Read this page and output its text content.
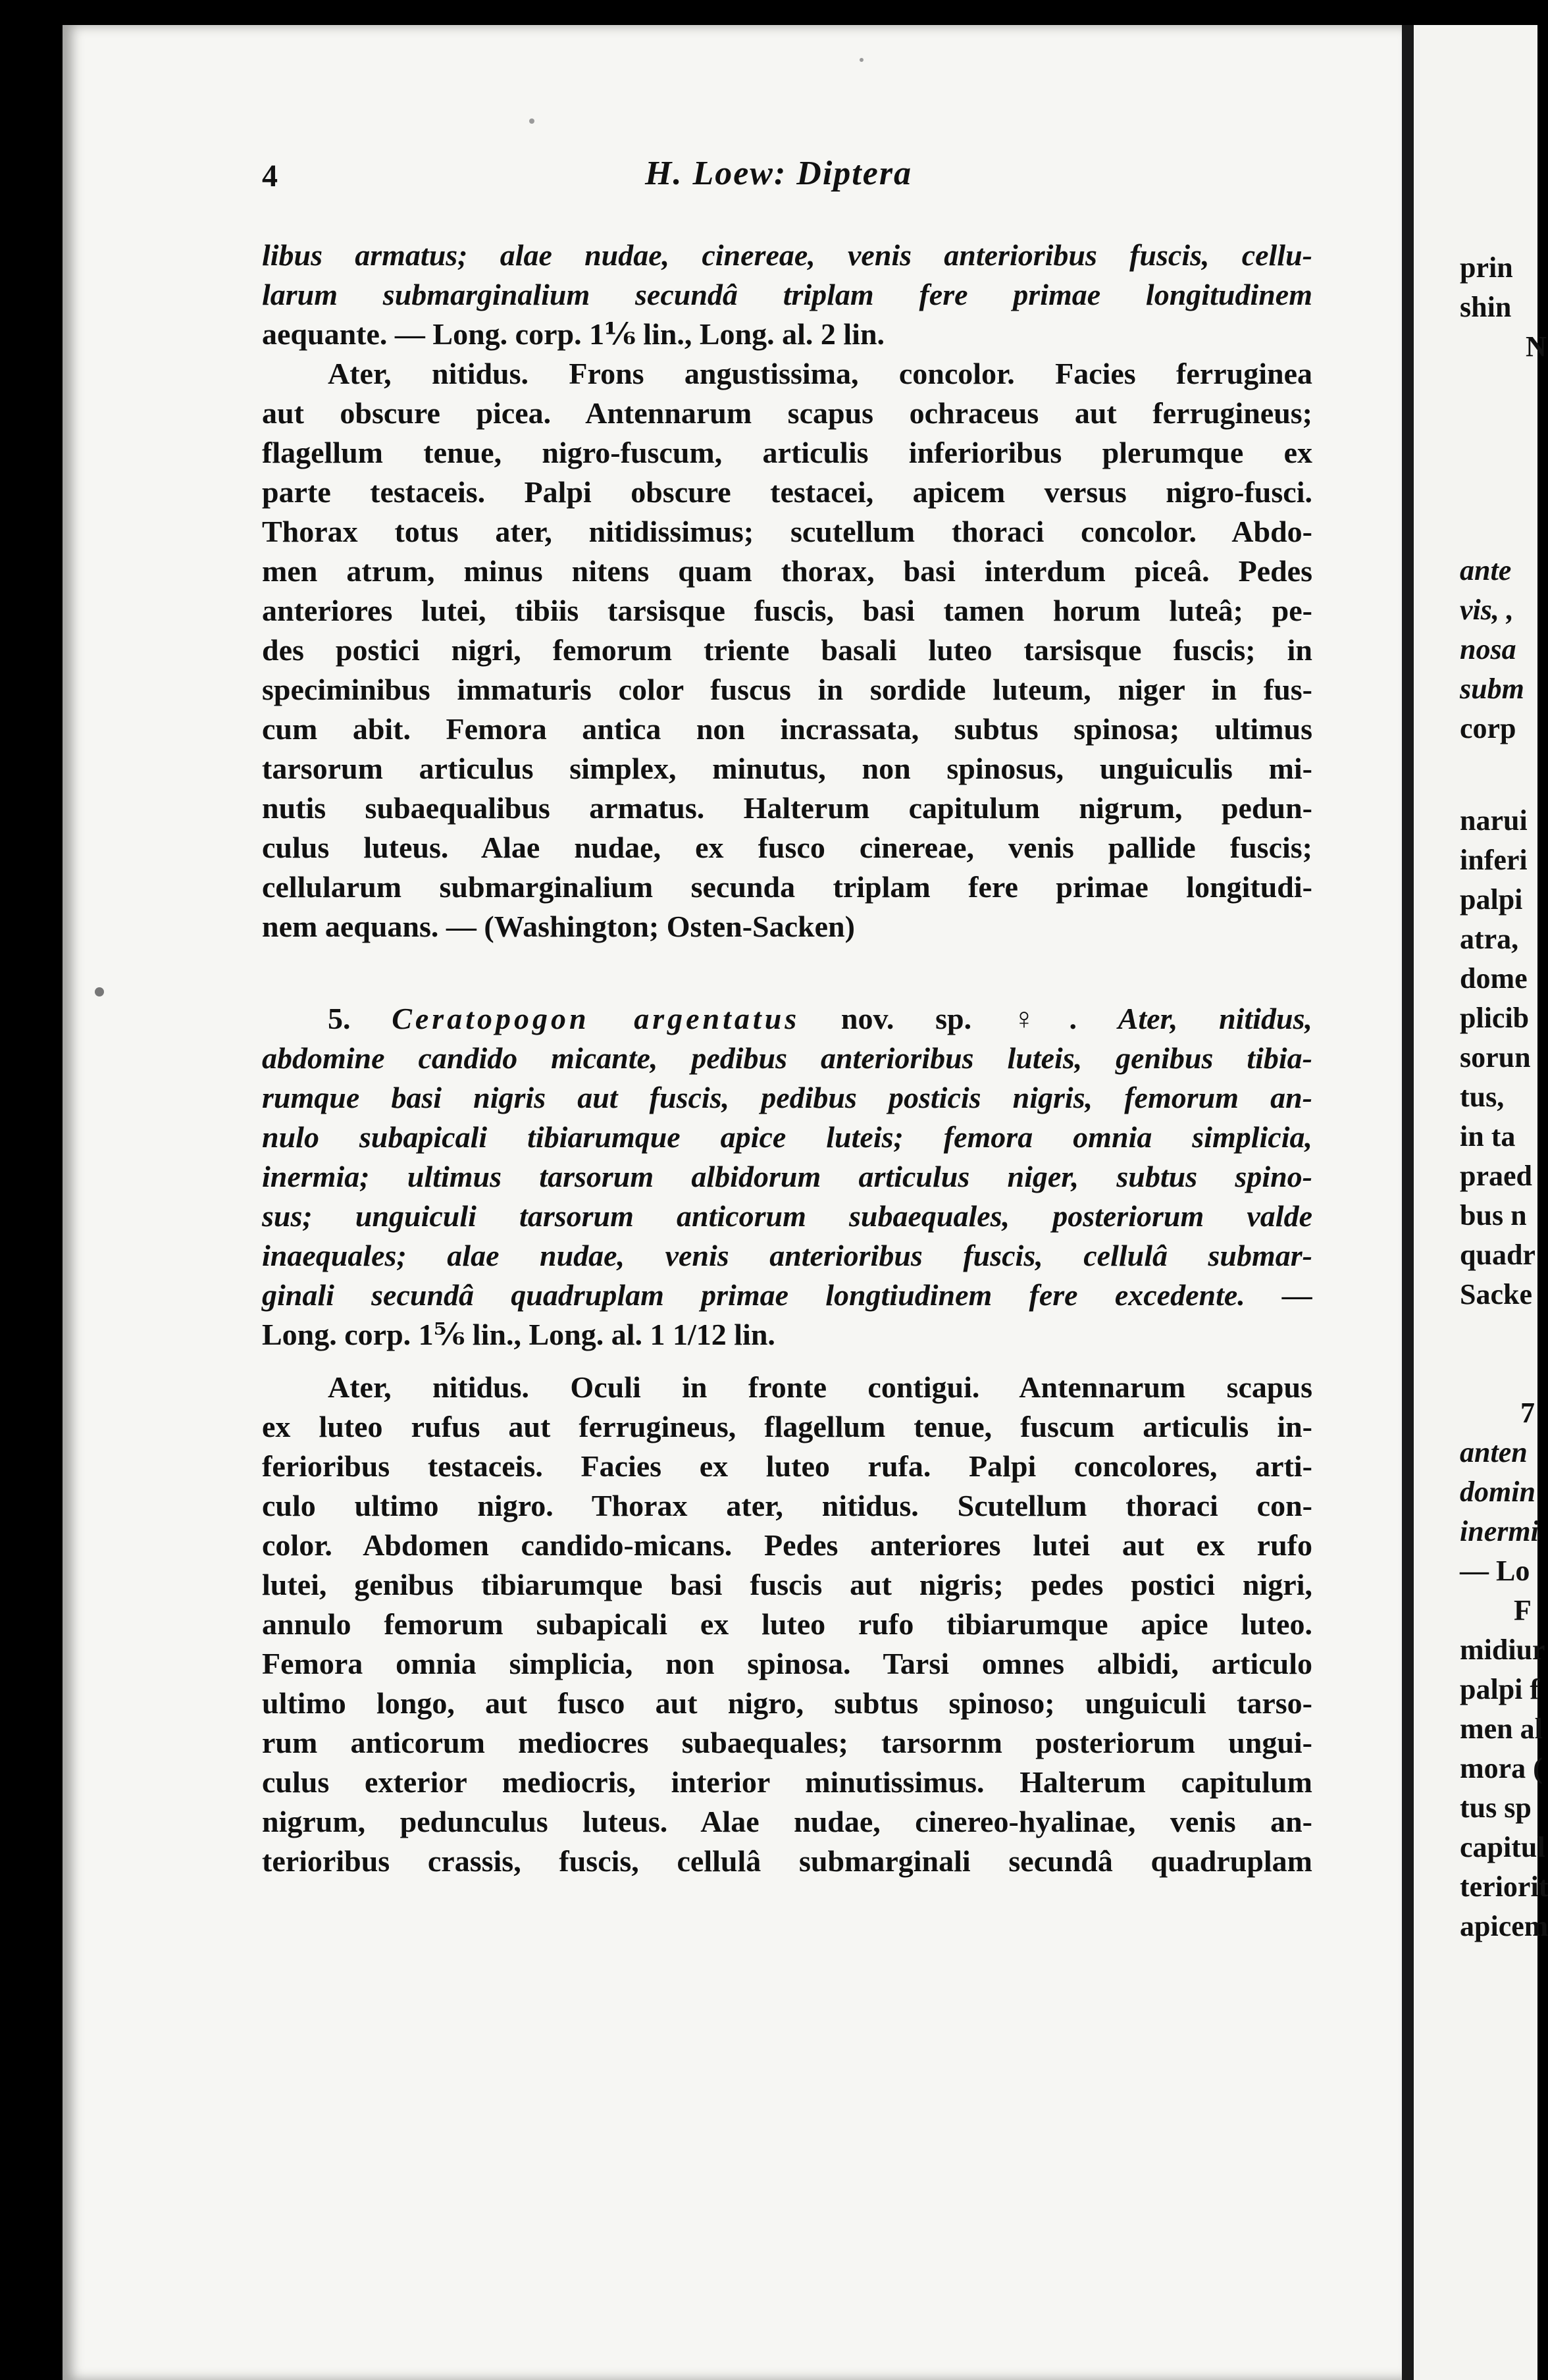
4	H. Loew: Diptera

libus armatus; alae nudae, cinereae, venis anterioribus fuscis, cellu-

larum submarginalium secundâ triplam fere primae longitudinem

aequante. — Long. corp. 1⅙ lin., Long. al. 2 lin.

Ater, nitidus. Frons angustissima, concolor. Facies ferruginea

aut obscure picea. Antennarum scapus ochraceus aut ferrugineus;

flagellum tenue, nigro-fuscum, articulis inferioribus plerumque ex

parte testaceis. Palpi obscure testacei, apicem versus nigro-fusci.

Thorax totus ater, nitidissimus; scutellum thoraci concolor. Abdo-

men atrum, minus nitens quam thorax, basi interdum piceâ. Pedes

anteriores lutei, tibiis tarsisque fuscis, basi tamen horum luteâ; pe-

des postici nigri, femorum triente basali luteo tarsisque fuscis; in

speciminibus immaturis color fuscus in sordide luteum, niger in fus-

cum abit. Femora antica non incrassata, subtus spinosa; ultimus

tarsorum articulus simplex, minutus, non spinosus, unguiculis mi-

nutis subaequalibus armatus. Halterum capitulum nigrum, pedun-

culus luteus. Alae nudae, ex fusco cinereae, venis pallide fuscis;

cellularum submarginalium secunda triplam fere primae longitudi-

nem aequans. — (Washington; Osten-Sacken)

5. Ceratopogon argentatus nov. sp. ♀. Ater, nitidus,

abdomine candido micante, pedibus anterioribus luteis, genibus tibia-

rumque basi nigris aut fuscis, pedibus posticis nigris, femorum an-

nulo subapicali tibiarumque apice luteis; femora omnia simplicia,

inermia; ultimus tarsorum albidorum articulus niger, subtus spino-

sus; unguiculi tarsorum anticorum subaequales, posteriorum valde

inaequales; alae nudae, venis anterioribus fuscis, cellulâ submar-

ginali secundâ quadruplam primae longtiudinem fere excedente. —

Long. corp. 1⅚ lin., Long. al. 1 1/12 lin.

Ater, nitidus. Oculi in fronte contigui. Antennarum scapus

ex luteo rufus aut ferrugineus, flagellum tenue, fuscum articulis in-

ferioribus testaceis. Facies ex luteo rufa. Palpi concolores, arti-

culo ultimo nigro. Thorax ater, nitidus. Scutellum thoraci con-

color. Abdomen candido-micans. Pedes anteriores lutei aut ex rufo

lutei, genibus tibiarumque basi fuscis aut nigris; pedes postici nigri,

annulo femorum subapicali ex luteo rufo tibiarumque apice luteo.

Femora omnia simplicia, non spinosa. Tarsi omnes albidi, articulo

ultimo longo, aut fusco aut nigro, subtus spinoso; unguiculi tarso-

rum anticorum mediocres subaequales; tarsornm posteriorum ungui-

culus exterior mediocris, interior minutissimus. Halterum capitulum

nigrum, pedunculus luteus. Alae nudae, cinereo-hyalinae, venis an-

terioribus crassis, fuscis, cellulâ submarginali secundâ quadruplam

prin
shin
N
ante
vis, ,
nosa
subm
corp
narui
inferi
palpi
atra,
dome
plicib
sorun
tus,
in ta
praed
bus n
quadr
Sacke
7
anten
domin
inermi
— Lo
F
midiur
palpi f
men al
mora (
tus sp
capitul
teriorit
apicem
